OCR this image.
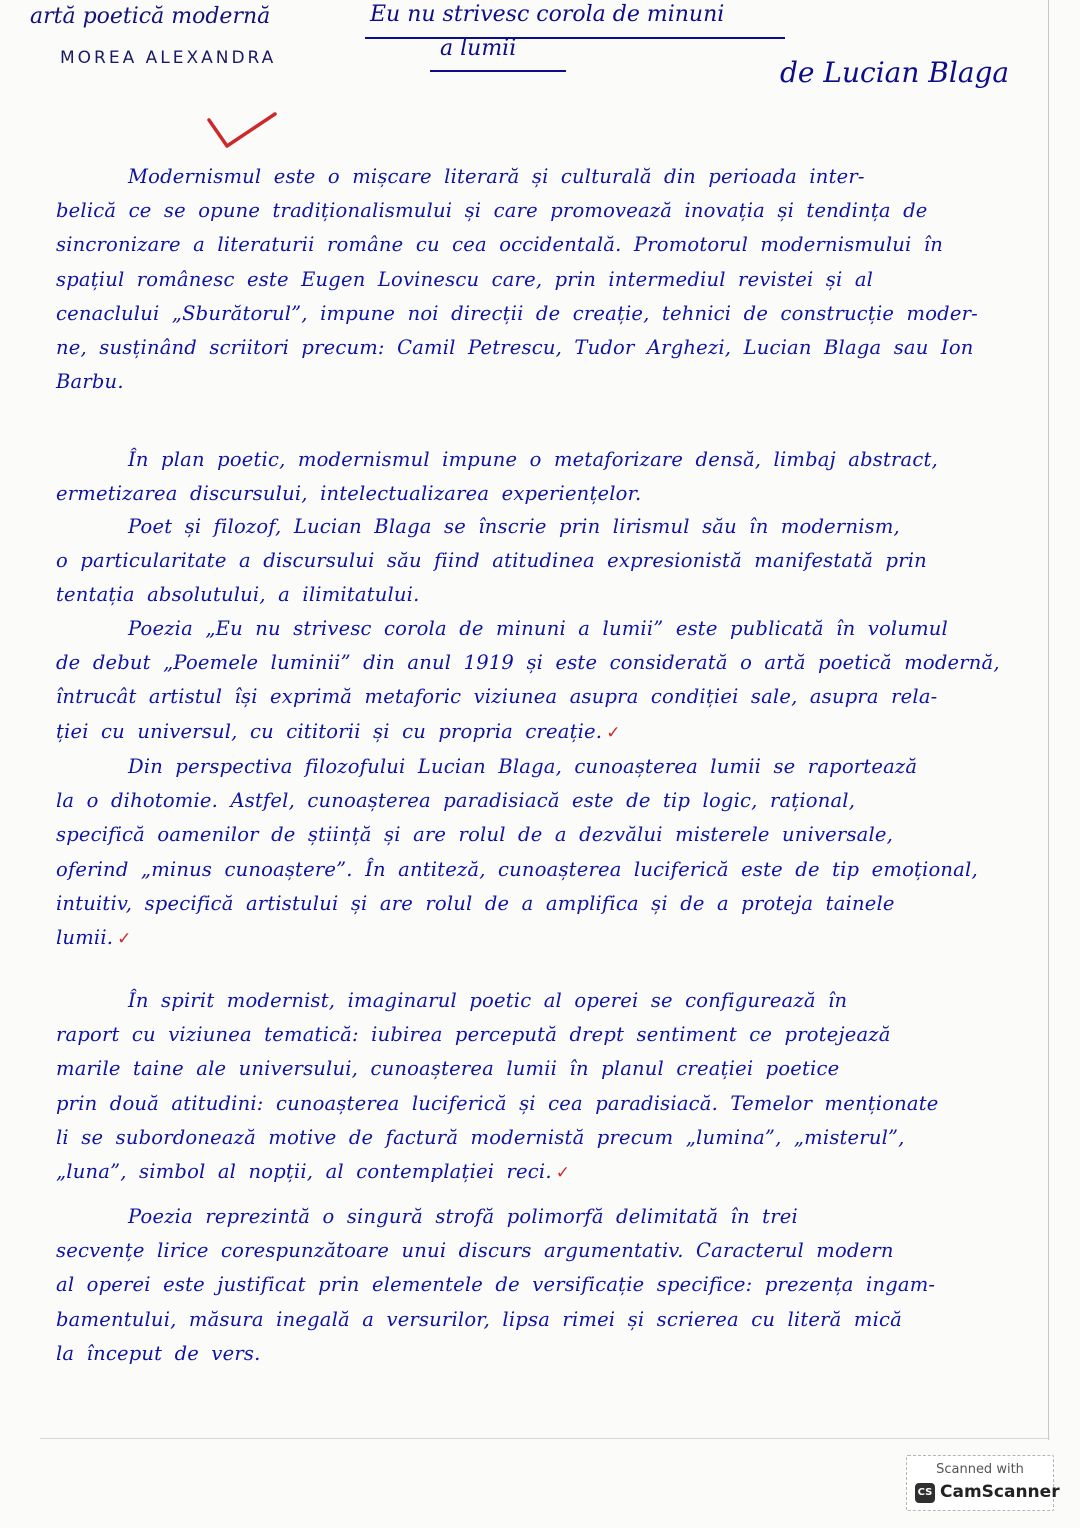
artă poetică modernă
MOREA ALEXANDRA
Eu nu strivesc corola de minuni
a lumii
de Lucian Blaga
Modernismul este o mișcare literară și culturală din perioada inter-
belică ce se opune tradiționalismului și care promovează inovația și tendința de
sincronizare a literaturii române cu cea occidentală. Promotorul modernismului în
spațiul românesc este Eugen Lovinescu care, prin intermediul revistei și al
cenaclului „Sburătorul”, impune noi direcții de creație, tehnici de construcție moder-
ne, susținând scriitori precum: Camil Petrescu, Tudor Arghezi, Lucian Blaga sau Ion
Barbu.
În plan poetic, modernismul impune o metaforizare densă, limbaj abstract,
ermetizarea discursului, intelectualizarea experiențelor.
Poet și filozof, Lucian Blaga se înscrie prin lirismul său în modernism,
o particularitate a discursului său fiind atitudinea expresionistă manifestată prin
tentația absolutului, a ilimitatului.
Poezia „Eu nu strivesc corola de minuni a lumii” este publicată în volumul
de debut „Poemele luminii” din anul 1919 și este considerată o artă poetică modernă,
întrucât artistul își exprimă metaforic viziunea asupra condiției sale, asupra rela-
ției cu universul, cu cititorii și cu propria creație. ✓
Din perspectiva filozofului Lucian Blaga, cunoașterea lumii se raportează
la o dihotomie. Astfel, cunoașterea paradisiacă este de tip logic, rațional,
specifică oamenilor de știință și are rolul de a dezvălui misterele universale,
oferind „minus cunoaștere”. În antiteză, cunoașterea luciferică este de tip emoțional,
intuitiv, specifică artistului și are rolul de a amplifica și de a proteja tainele
lumii. ✓
În spirit modernist, imaginarul poetic al operei se configurează în
raport cu viziunea tematică: iubirea percepută drept sentiment ce protejează
marile taine ale universului, cunoașterea lumii în planul creației poetice
prin două atitudini: cunoașterea luciferică și cea paradisiacă. Temelor menționate
li se subordonează motive de factură modernistă precum „lumina”, „misterul”,
„luna”, simbol al nopții, al contemplației reci. ✓
Poezia reprezintă o singură strofă polimorfă delimitată în trei
secvențe lirice corespunzătoare unui discurs argumentativ. Caracterul modern
al operei este justificat prin elementele de versificație specifice: prezența ingam-
bamentului, măsura inegală a versurilor, lipsa rimei și scrierea cu literă mică
la început de vers.
Scanned with
CS CamScanner
